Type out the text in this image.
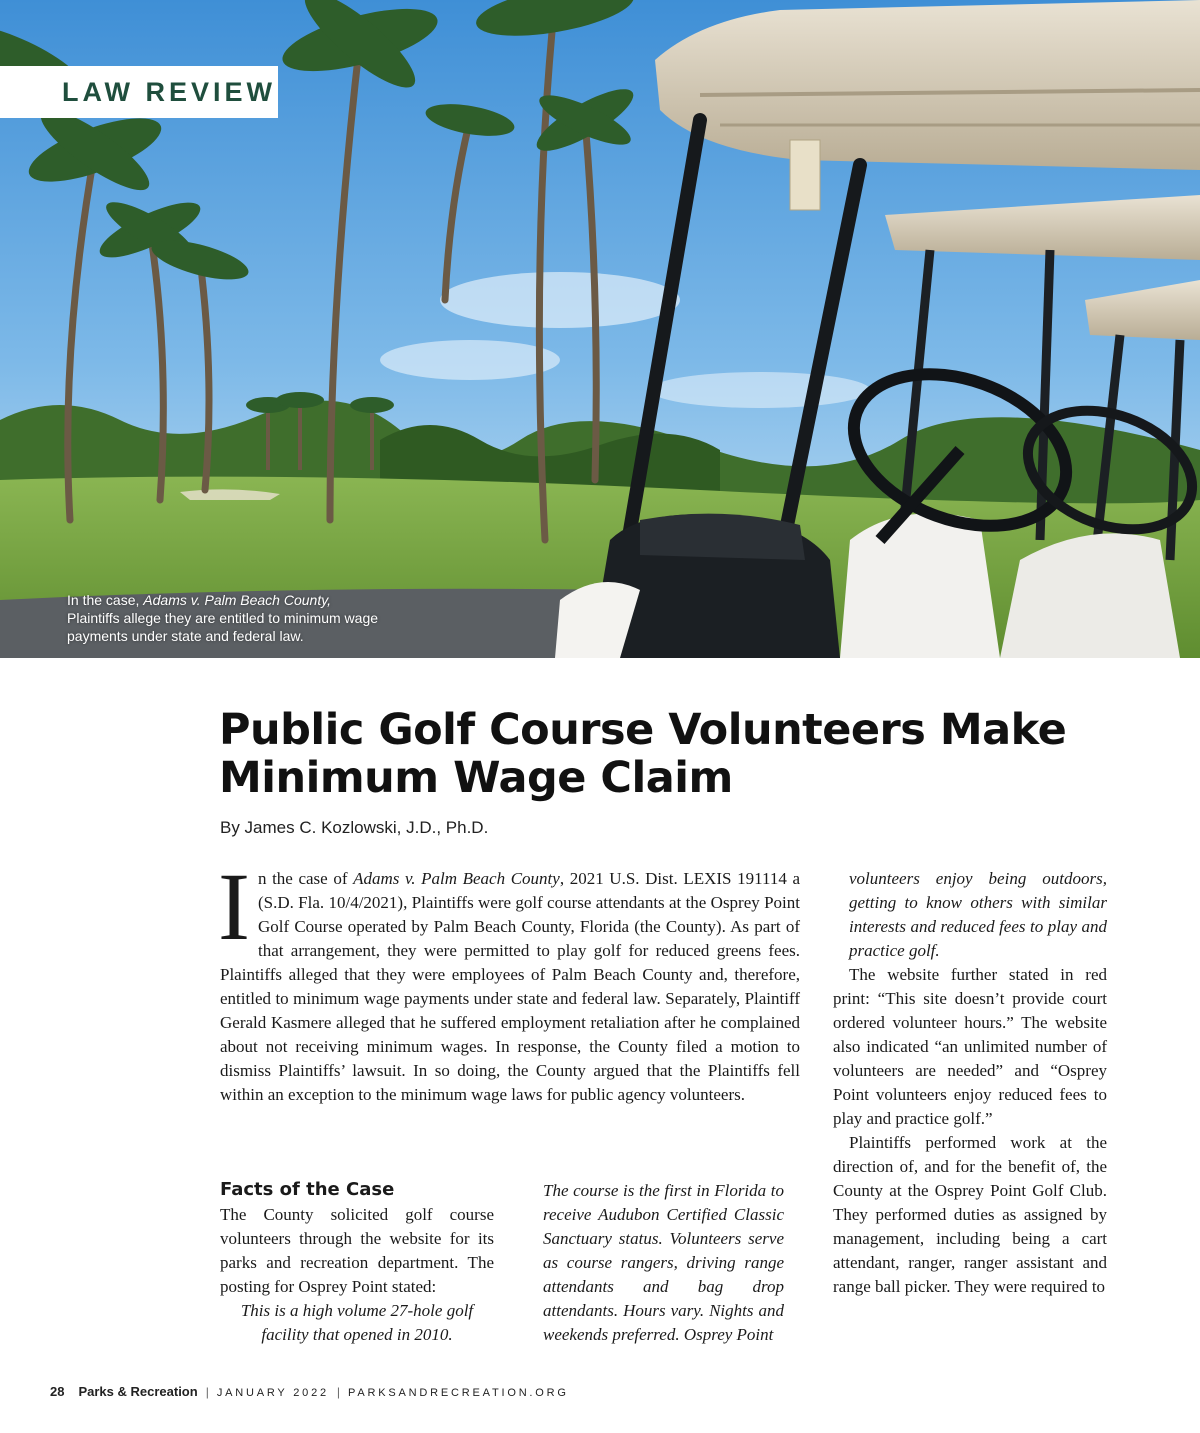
LAW REVIEW
In the case, Adams v. Palm Beach County, Plaintiffs allege they are entitled to minimum wage payments under state and federal law.
Public Golf Course Volunteers Make Minimum Wage Claim
By James C. Kozlowski, J.D., Ph.D.

In the case of Adams v. Palm Beach County, 2021 U.S. Dist. LEXIS 191114 a (S.D. Fla. 10/4/2021), Plaintiffs were golf course attendants at the Osprey Point Golf Course operated by Palm Beach County, Florida (the County). As part of that arrangement, they were permitted to play golf for reduced greens fees. Plaintiffs alleged that they were employees of Palm Beach County and, therefore, entitled to minimum wage payments under state and federal law. Separately, Plaintiff Gerald Kasmere alleged that he suffered employment retaliation after he complained about not receiving minimum wages. In response, the County filed a motion to dismiss Plaintiffs’ lawsuit. In so doing, the County argued that the Plaintiffs fell within an exception to the minimum wage laws for public agency volunteers.

Facts of the Case

The County solicited golf course volunteers through the website for its parks and recreation department. The posting for Osprey Point stated:

This is a high volume 27-hole golf facility that opened in 2010.

The course is the first in Florida to receive Audubon Certified Classic Sanctuary status. Volunteers serve as course rangers, driving range attendants and bag drop attendants. Hours vary. Nights and weekends preferred. Osprey Point

volunteers enjoy being outdoors, getting to know others with similar interests and reduced fees to play and practice golf.

The website further stated in red print: “This site doesn’t provide court ordered volunteer hours.” The website also indicated “an unlimited number of volunteers are needed” and “Osprey Point volunteers enjoy reduced fees to play and practice golf.”

Plaintiffs performed work at the direction of, and for the benefit of, the County at the Osprey Point Golf Club. They performed duties as assigned by management, including being a cart attendant, ranger, ranger assistant and range ball picker. They were required to

28 Parks & Recreation | JANUARY 2022 | PARKSANDRECREATION.ORG
